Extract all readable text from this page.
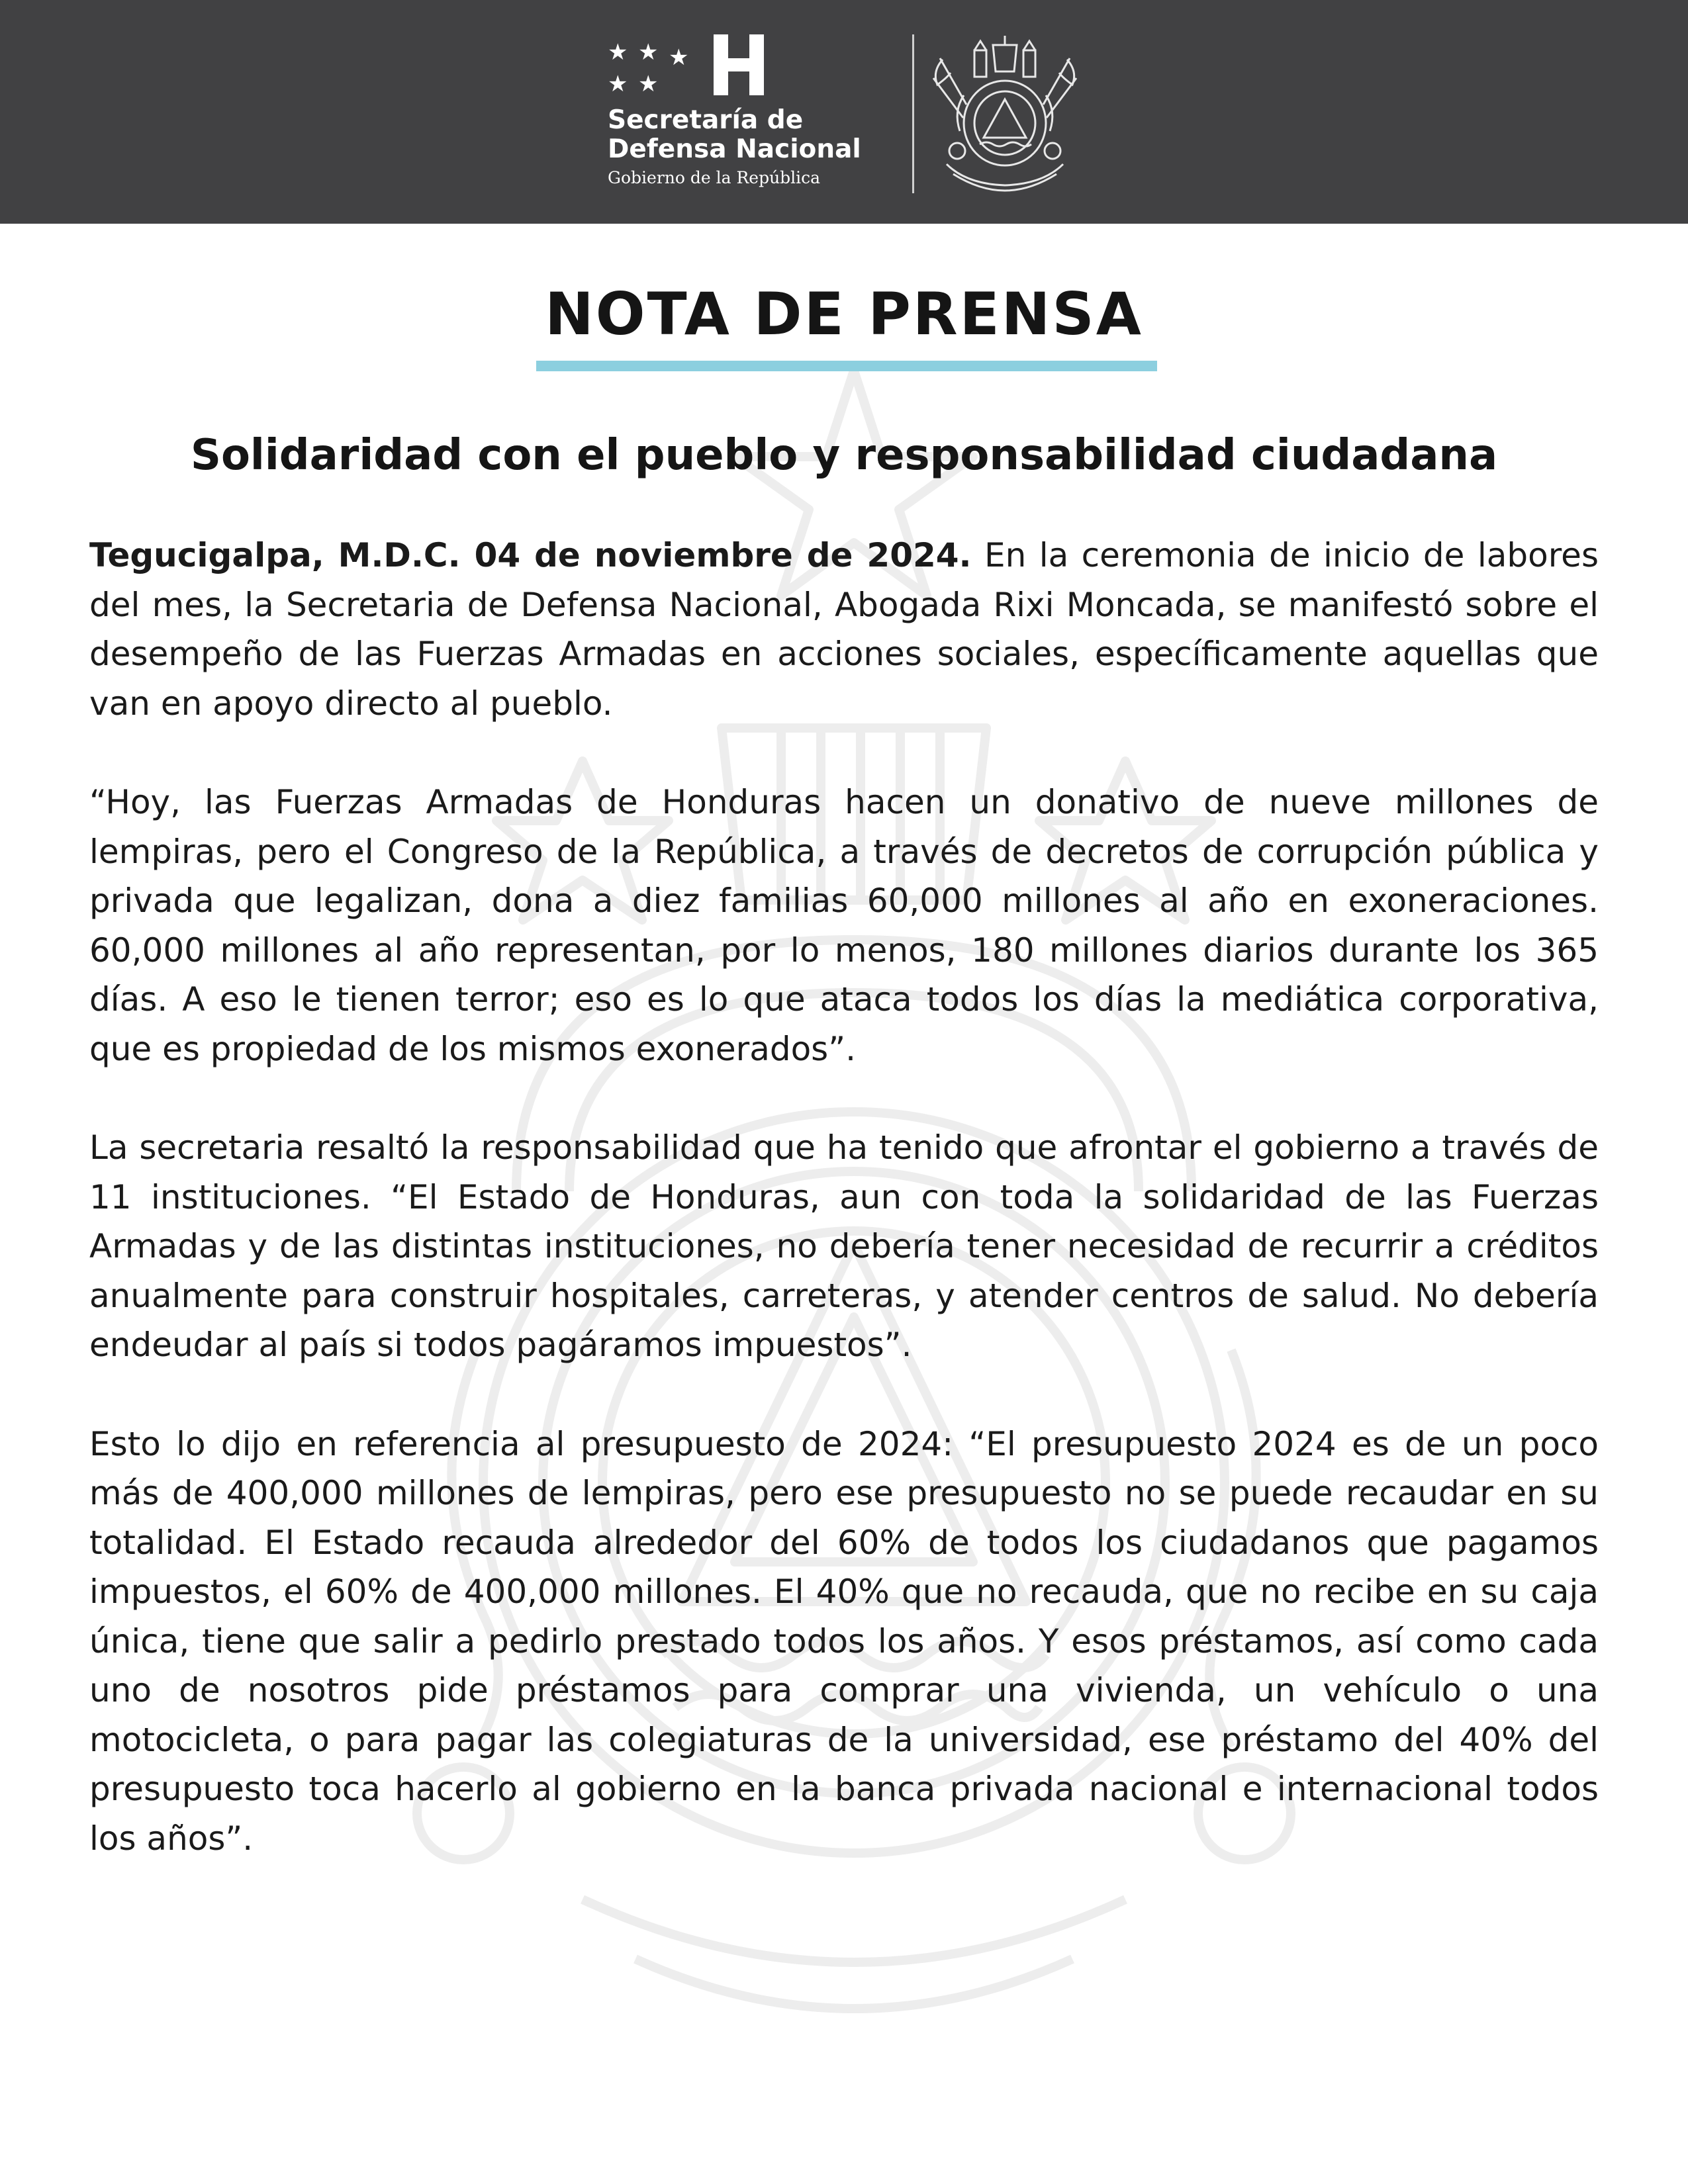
★ ★ ★
★ ★
Secretaría de
Defensa Nacional
Gobierno de la República
NOTA DE PRENSA
Solidaridad con el pueblo y responsabilidad ciudadana

Tegucigalpa, M.D.C. 04 de noviembre de 2024. En la ceremonia de inicio de labores del mes, la Secretaria de Defensa Nacional, Abogada Rixi Moncada, se manifestó sobre el desempeño de las Fuerzas Armadas en acciones sociales, específicamente aquellas que van en apoyo directo al pueblo.

“Hoy, las Fuerzas Armadas de Honduras hacen un donativo de nueve millones de lempiras, pero el Congreso de la República, a través de decretos de corrupción pública y privada que legalizan, dona a diez familias 60,000 millones al año en exoneraciones. 60,000 millones al año representan, por lo menos, 180 millones diarios durante los 365 días. A eso le tienen terror; eso es lo que ataca todos los días la mediática corporativa, que es propiedad de los mismos exonerados”.

La secretaria resaltó la responsabilidad que ha tenido que afrontar el gobierno a través de 11 instituciones. “El Estado de Honduras, aun con toda la solidaridad de las Fuerzas Armadas y de las distintas instituciones, no debería tener necesidad de recurrir a créditos anualmente para construir hospitales, carreteras, y atender centros de salud. No debería endeudar al país si todos pagáramos impuestos”.

Esto lo dijo en referencia al presupuesto de 2024: “El presupuesto 2024 es de un poco más de 400,000 millones de lempiras, pero ese presupuesto no se puede recaudar en su totalidad. El Estado recauda alrededor del 60% de todos los ciudadanos que pagamos impuestos, el 60% de 400,000 millones. El 40% que no recauda, que no recibe en su caja única, tiene que salir a pedirlo prestado todos los años. Y esos préstamos, así como cada uno de nosotros pide préstamos para comprar una vivienda, un vehículo o una motocicleta, o para pagar las colegiaturas de la universidad, ese préstamo del 40% del presupuesto toca hacerlo al gobierno en la banca privada nacional e internacional todos los años”.
